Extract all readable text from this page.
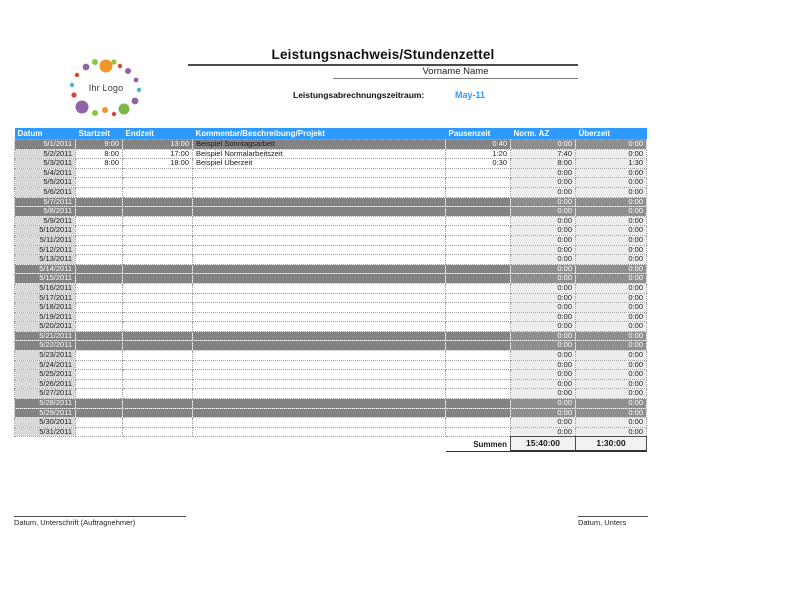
Ihr Logo
Leistungsnachweis/Stundenzettel
Vorname Name
Leistungsabrechnungszeitraum:	May-11
Datum	Startzeit	Endzeit	Kommentar/Beschreibung/Projekt	Pausenzeit	Norm. AZ	Überzeit
5/1/2011	9:00	13:00	Beispiel Sonntagsarbeit	0:40	0:00	0:00
5/2/2011	8:00	17:00	Beispiel Normalarbeitszeit	1:20	7:40	0:00
5/3/2011	8:00	18:00	Beispiel Überzeit	0:30	8:00	1:30
5/4/2011					0:00	0:00
5/5/2011					0:00	0:00
5/6/2011					0:00	0:00
5/7/2011					0:00	0:00
5/8/2011					0:00	0:00
5/9/2011					0:00	0:00
5/10/2011					0:00	0:00
5/11/2011					0:00	0:00
5/12/2011					0:00	0:00
5/13/2011					0:00	0:00
5/14/2011					0:00	0:00
5/15/2011					0:00	0:00
5/16/2011					0:00	0:00
5/17/2011					0:00	0:00
5/18/2011					0:00	0:00
5/19/2011					0:00	0:00
5/20/2011					0:00	0:00
5/21/2011					0:00	0:00
5/22/2011					0:00	0:00
5/23/2011					0:00	0:00
5/24/2011					0:00	0:00
5/25/2011					0:00	0:00
5/26/2011					0:00	0:00
5/27/2011					0:00	0:00
5/28/2011					0:00	0:00
5/29/2011					0:00	0:00
5/30/2011					0:00	0:00
5/31/2011					0:00	0:00
				Summen	15:40:00	1:30:00
Datum, Unterschrift (Auftragnehmer)	Datum, Unters
